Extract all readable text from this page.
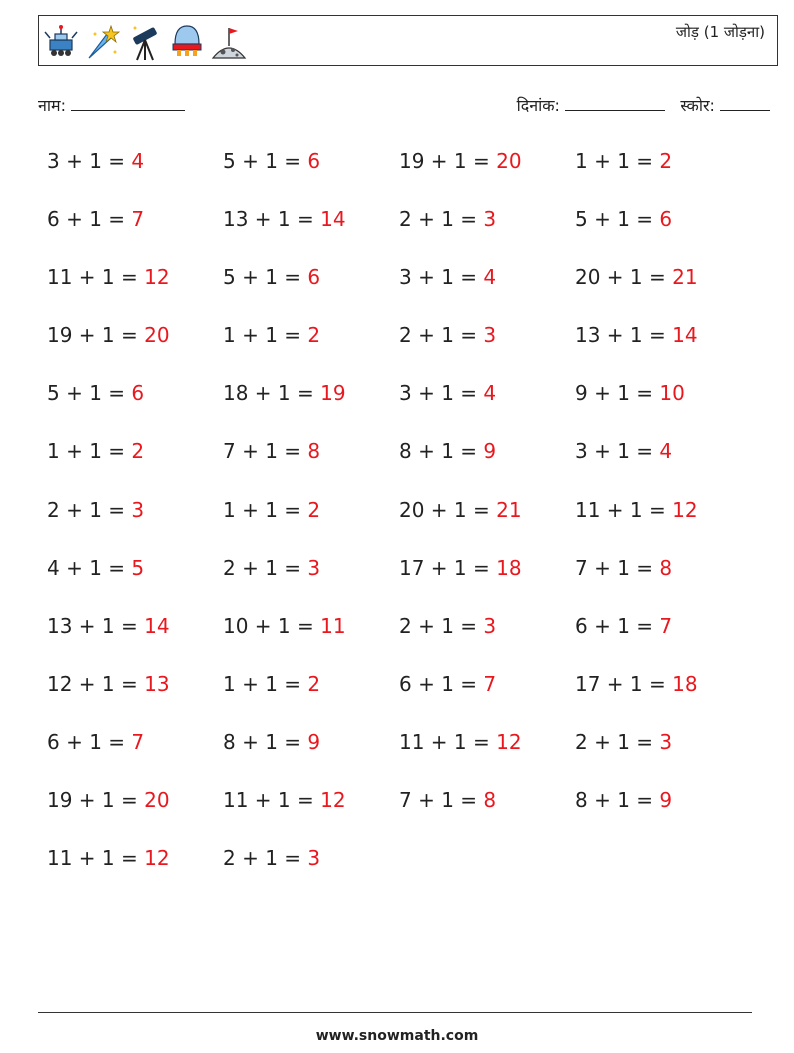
जोड़ (1 जोड़ना)
नाम:	दिनांक:	स्कोर:
3 + 1 = 4	5 + 1 = 6	19 + 1 = 20	1 + 1 = 2
6 + 1 = 7	13 + 1 = 14	2 + 1 = 3	5 + 1 = 6
11 + 1 = 12	5 + 1 = 6	3 + 1 = 4	20 + 1 = 21
19 + 1 = 20	1 + 1 = 2	2 + 1 = 3	13 + 1 = 14
5 + 1 = 6	18 + 1 = 19	3 + 1 = 4	9 + 1 = 10
1 + 1 = 2	7 + 1 = 8	8 + 1 = 9	3 + 1 = 4
2 + 1 = 3	1 + 1 = 2	20 + 1 = 21	11 + 1 = 12
4 + 1 = 5	2 + 1 = 3	17 + 1 = 18	7 + 1 = 8
13 + 1 = 14	10 + 1 = 11	2 + 1 = 3	6 + 1 = 7
12 + 1 = 13	1 + 1 = 2	6 + 1 = 7	17 + 1 = 18
6 + 1 = 7	8 + 1 = 9	11 + 1 = 12	2 + 1 = 3
19 + 1 = 20	11 + 1 = 12	7 + 1 = 8	8 + 1 = 9
11 + 1 = 12	2 + 1 = 3
www.snowmath.com
